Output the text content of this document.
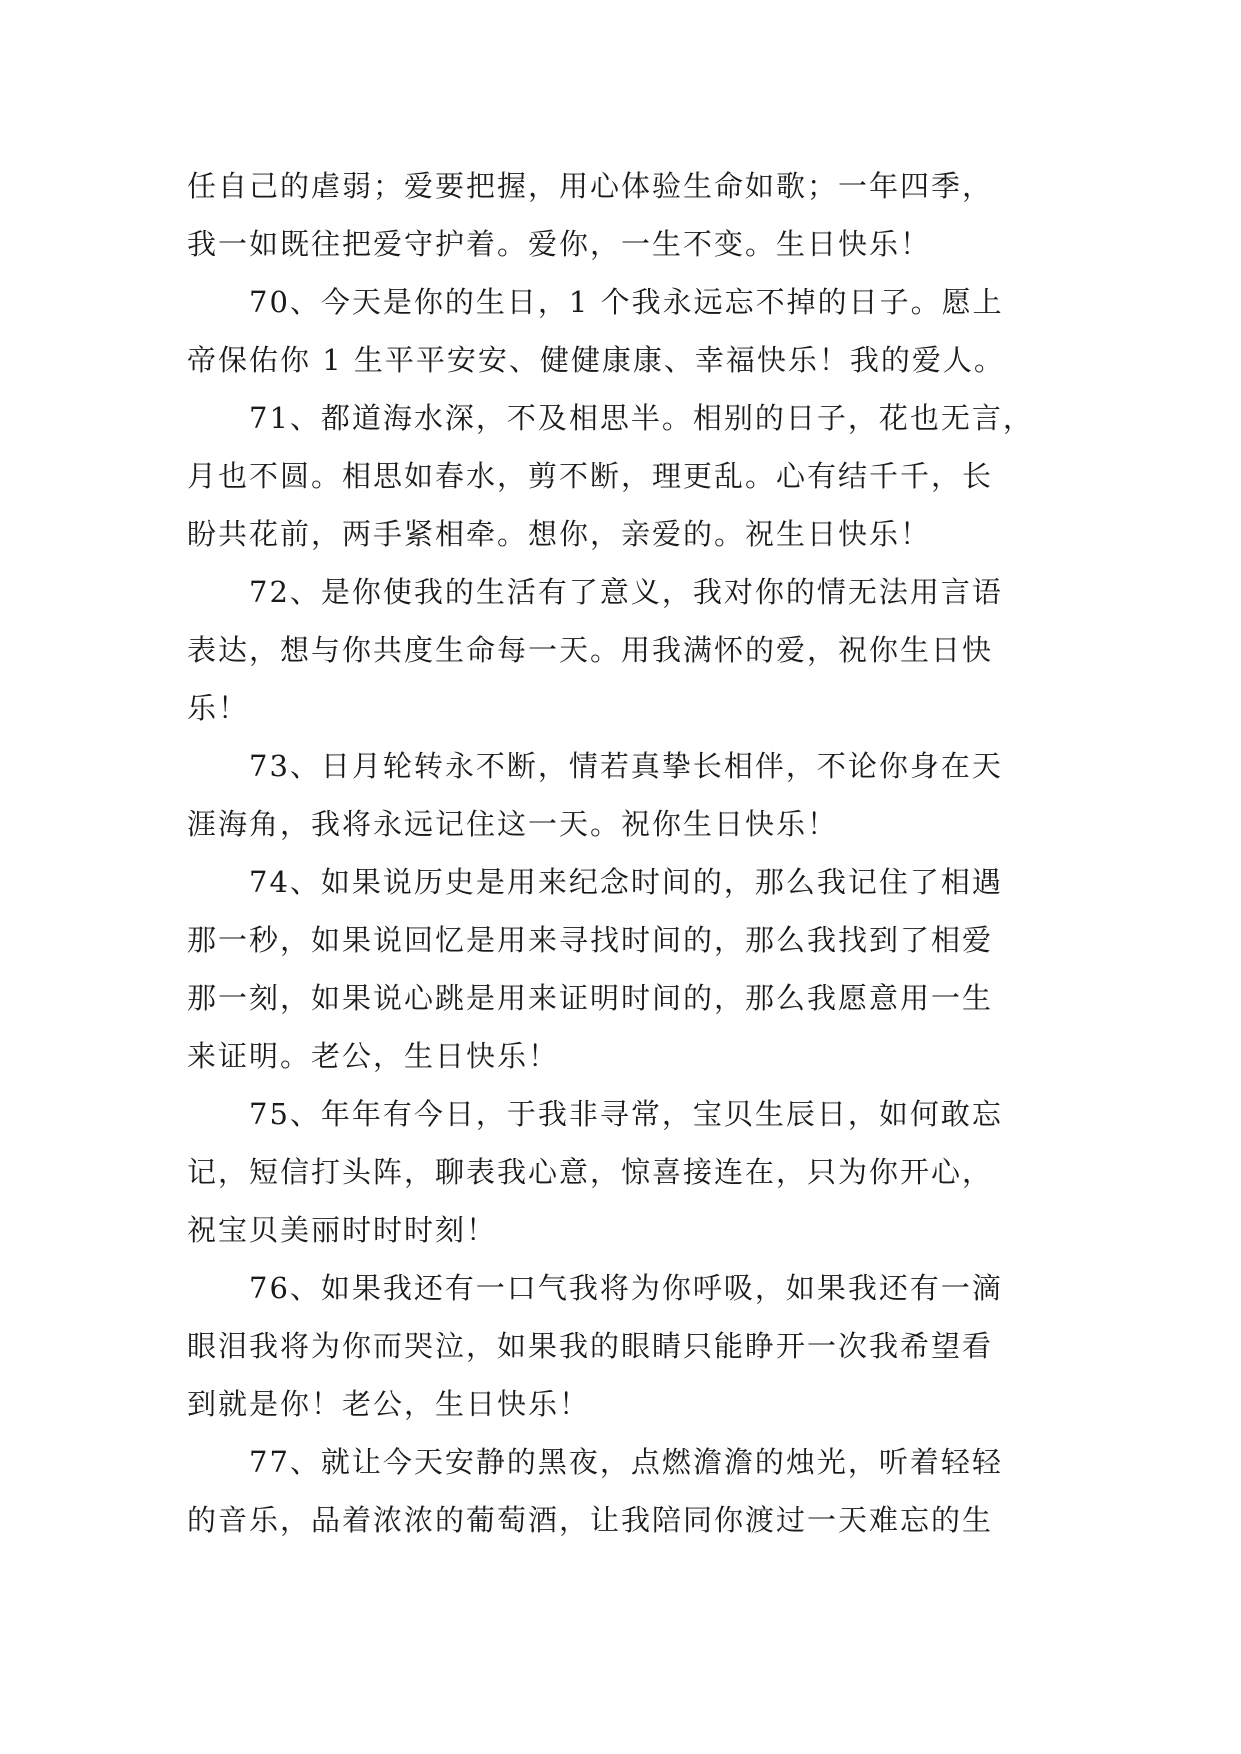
任自己的虐弱；爱要把握，用心体验生命如歌；一年四季，
我一如既往把爱守护着。爱你，一生不变。生日快乐！
70、今天是你的生日，1 个我永远忘不掉的日子。愿上
帝保佑你 1 生平平安安、健健康康、幸福快乐！我的爱人。
71、都道海水深，不及相思半。相别的日子，花也无言，
月也不圆。相思如春水，剪不断，理更乱。心有结千千，长
盼共花前，两手紧相牵。想你，亲爱的。祝生日快乐！
72、是你使我的生活有了意义，我对你的情无法用言语
表达，想与你共度生命每一天。用我满怀的爱，祝你生日快
乐！
73、日月轮转永不断，情若真挚长相伴，不论你身在天
涯海角，我将永远记住这一天。祝你生日快乐！
74、如果说历史是用来纪念时间的，那么我记住了相遇
那一秒，如果说回忆是用来寻找时间的，那么我找到了相爱
那一刻，如果说心跳是用来证明时间的，那么我愿意用一生
来证明。老公，生日快乐！
75、年年有今日，于我非寻常，宝贝生辰日，如何敢忘
记，短信打头阵，聊表我心意，惊喜接连在，只为你开心，
祝宝贝美丽时时时刻！
76、如果我还有一口气我将为你呼吸，如果我还有一滴
眼泪我将为你而哭泣，如果我的眼睛只能睁开一次我希望看
到就是你！老公，生日快乐！
77、就让今天安静的黑夜，点燃澹澹的烛光，听着轻轻
的音乐，品着浓浓的葡萄酒，让我陪同你渡过一天难忘的生
